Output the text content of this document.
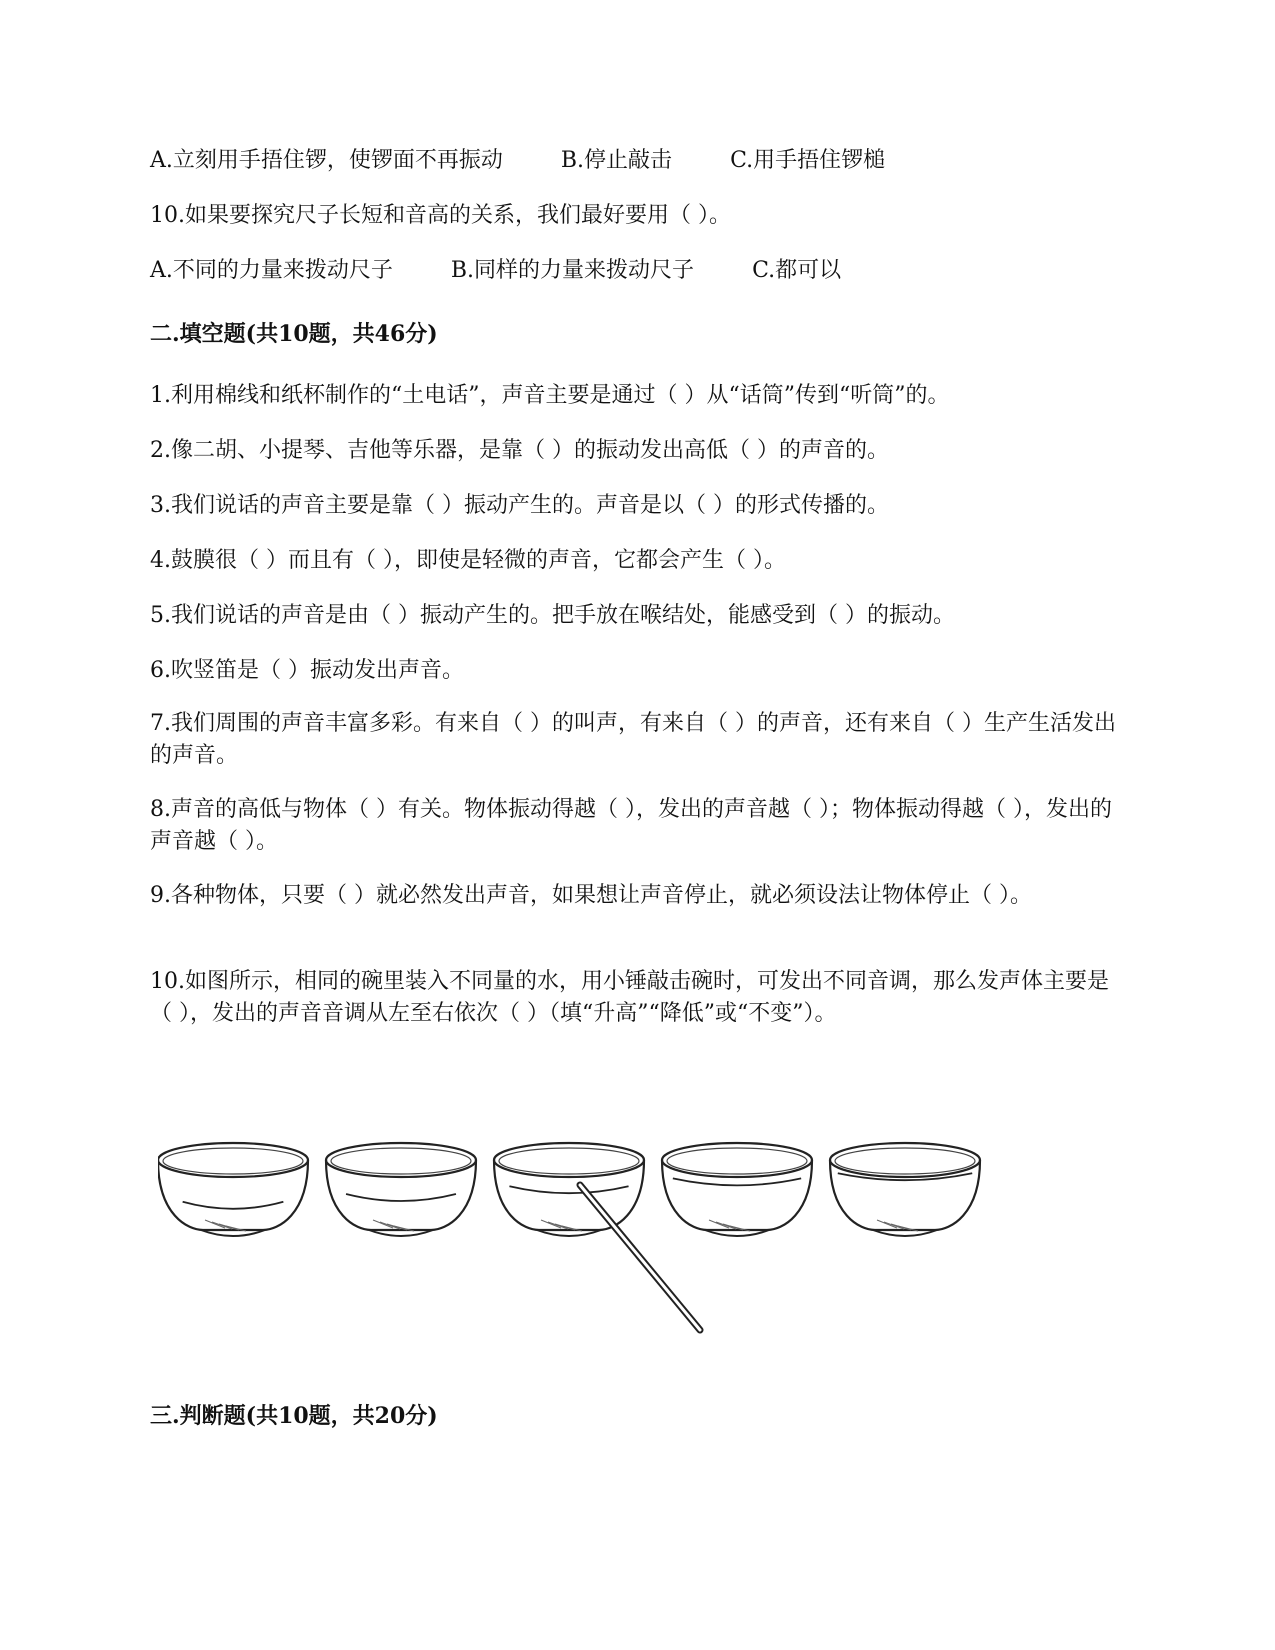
A.立刻用手捂住锣，使锣面不再振动	B.停止敲击	C.用手捂住锣槌
10.如果要探究尺子长短和音高的关系，我们最好要用（ ）。
A.不同的力量来拨动尺子	B.同样的力量来拨动尺子	C.都可以
二.填空题(共10题，共46分)
1.利用棉线和纸杯制作的“土电话”，声音主要是通过（ ）从“话筒”传到“听筒”的。
2.像二胡、小提琴、吉他等乐器，是靠（ ）的振动发出高低（ ）的声音的。
3.我们说话的声音主要是靠（ ）振动产生的。声音是以（ ）的形式传播的。
4.鼓膜很（ ）而且有（ ），即使是轻微的声音，它都会产生（ ）。
5.我们说话的声音是由（ ）振动产生的。把手放在喉结处，能感受到（ ）的振动。
6.吹竖笛是（ ）振动发出声音。
7.我们周围的声音丰富多彩。有来自（ ）的叫声，有来自（ ）的声音，还有来自（ ）生产生活发出的声音。
8.声音的高低与物体（ ）有关。物体振动得越（ ），发出的声音越（ ）；物体振动得越（ ），发出的声音越（ ）。
9.各种物体，只要（ ）就必然发出声音，如果想让声音停止，就必须设法让物体停止（ ）。
10.如图所示，相同的碗里装入不同量的水，用小锤敲击碗时，可发出不同音调，那么发声体主要是（ ），发出的声音音调从左至右依次（ ）（填“升高”“降低”或“不变”）。
三.判断题(共10题，共20分)
